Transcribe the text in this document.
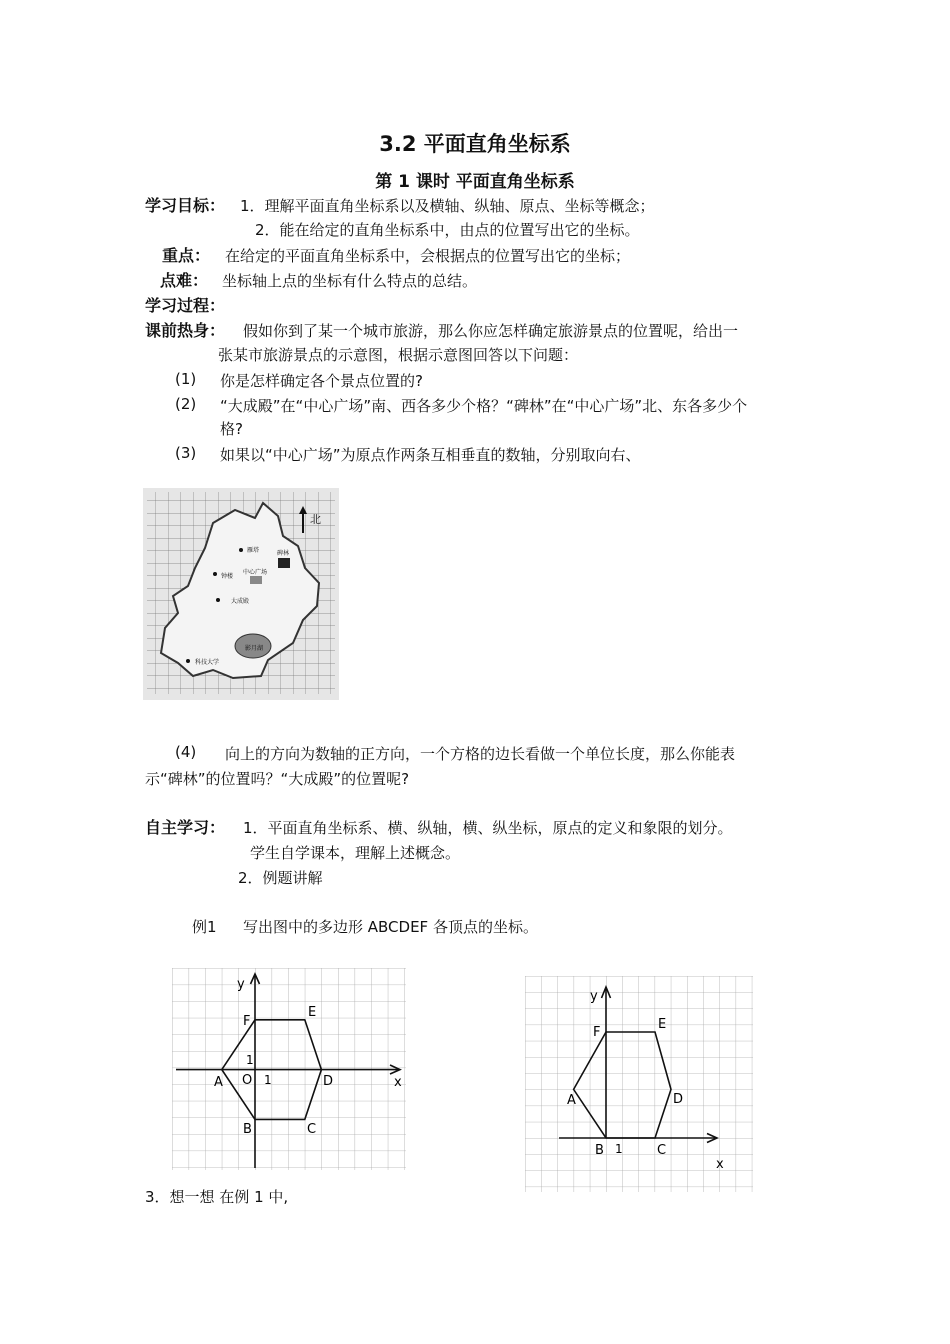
3.2 平面直角坐标系
第 1 课时 平面直角坐标系
学习目标： 1．理解平面直角坐标系以及横轴、纵轴、原点、坐标等概念；
2．能在给定的直角坐标系中，由点的位置写出它的坐标。
重点： 在给定的平面直角坐标系中，会根据点的位置写出它的坐标；
点难： 坐标轴上点的坐标有什么特点的总结。
学习过程：
课前热身： 假如你到了某一个城市旅游，那么你应怎样确定旅游景点的位置呢，给出一
张某市旅游景点的示意图，根据示意图回答以下问题：
(1) 你是怎样确定各个景点位置的?
(2) “大成殿”在“中心广场”南、西各多少个格？“碑林”在“中心广场”北、东各多少个
格?
(3) 如果以“中心广场”为原点作两条互相垂直的数轴，分别取向右、
北
雁塔	碑林
钟楼
中心广场
大成殿
影月湖
科技大学
(4) 向上的方向为数轴的正方向，一个方格的边长看做一个单位长度，那么你能表
示“碑林”的位置吗？“大成殿”的位置呢?
自主学习： 1．平面直角坐标系、横、纵轴，横、纵坐标，原点的定义和象限的划分。
学生自学课本，理解上述概念。
2．例题讲解
例1 写出图中的多边形 ABCDEF 各顶点的坐标。
x
y
O 1
1
A
B	C
D
E
F
x
y
1
A
B	C
D
E
F
3．想一想 在例 1 中,
